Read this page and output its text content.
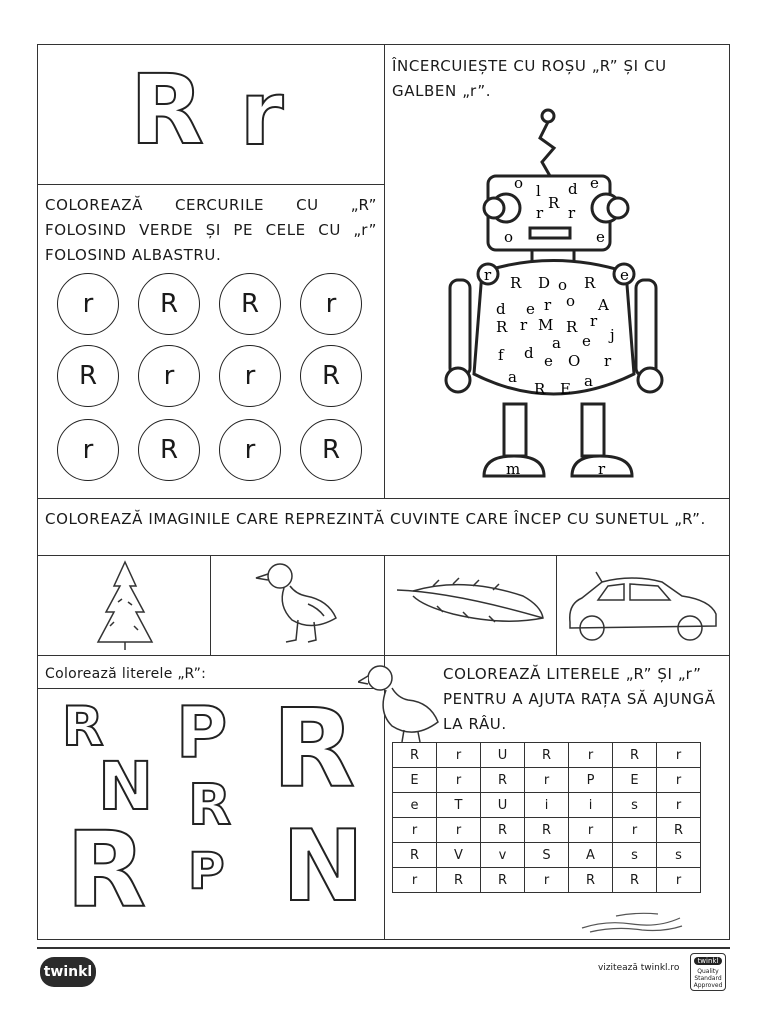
R r	ÎNCERCUIEȘTE CU ROȘU „R” ȘI CU GALBEN „r”.
COLOREAZĂ CERCURILE CU „R” FOLOSIND VERDE ȘI PE CELE CU „r” FOLOSIND ALBASTRU.
r	R	R	r
R	r	r	R
r	R	r	R
o l d e
R
r r
o	e
r R D o R e
d e r o A
R r M R r
j
a e
f d e O r
a
R E a
m	r
COLOREAZĂ IMAGINILE CARE REPREZINTĂ CUVINTE CARE ÎNCEP CU SUNETUL „R”.
Colorează literele „R”:
R P R
N R
R P N
COLOREAZĂ LITERELE „R” ȘI „r” PENTRU A AJUTA RAȚA SĂ AJUNGĂ LA RÂU.
R	r	U	R	r	R	r
E	r	R	r	P	E	r
e	T	U	i	i	s	r
r	r	R	R	r	r	R
R	V	v	S	A	s	s
r	R	R	r	R	R	r
twinkl	vizitează twinkl.ro
twinkl
Quality Standard Approved
